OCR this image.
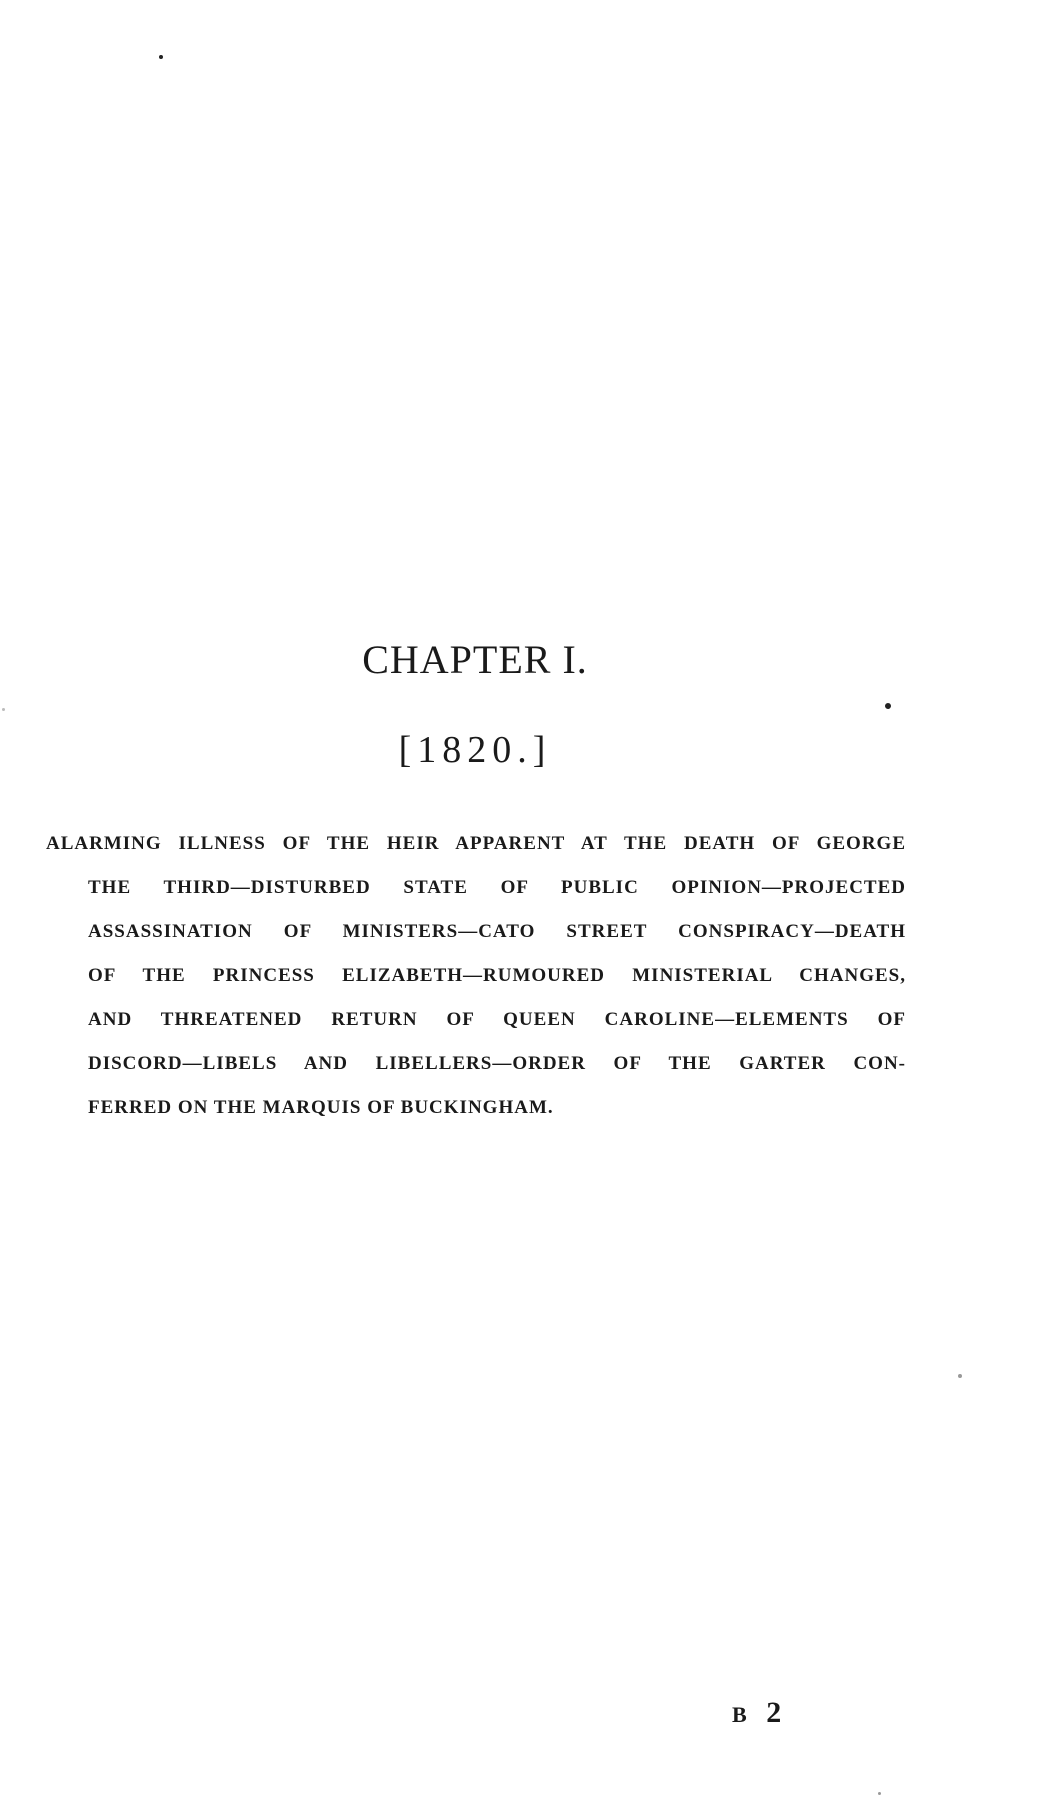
CHAPTER I.
[1820.]
ALARMING ILLNESS OF THE HEIR APPARENT AT THE DEATH OF GEORGE
THE THIRD—DISTURBED STATE OF PUBLIC OPINION—PROJECTED
ASSASSINATION OF MINISTERS—CATO STREET CONSPIRACY—DEATH
OF THE PRINCESS ELIZABETH—RUMOURED MINISTERIAL CHANGES,
AND THREATENED RETURN OF QUEEN CAROLINE—ELEMENTS OF
DISCORD—LIBELS AND LIBELLERS—ORDER OF THE GARTER CON-
FERRED ON THE MARQUIS OF BUCKINGHAM.
B 2
